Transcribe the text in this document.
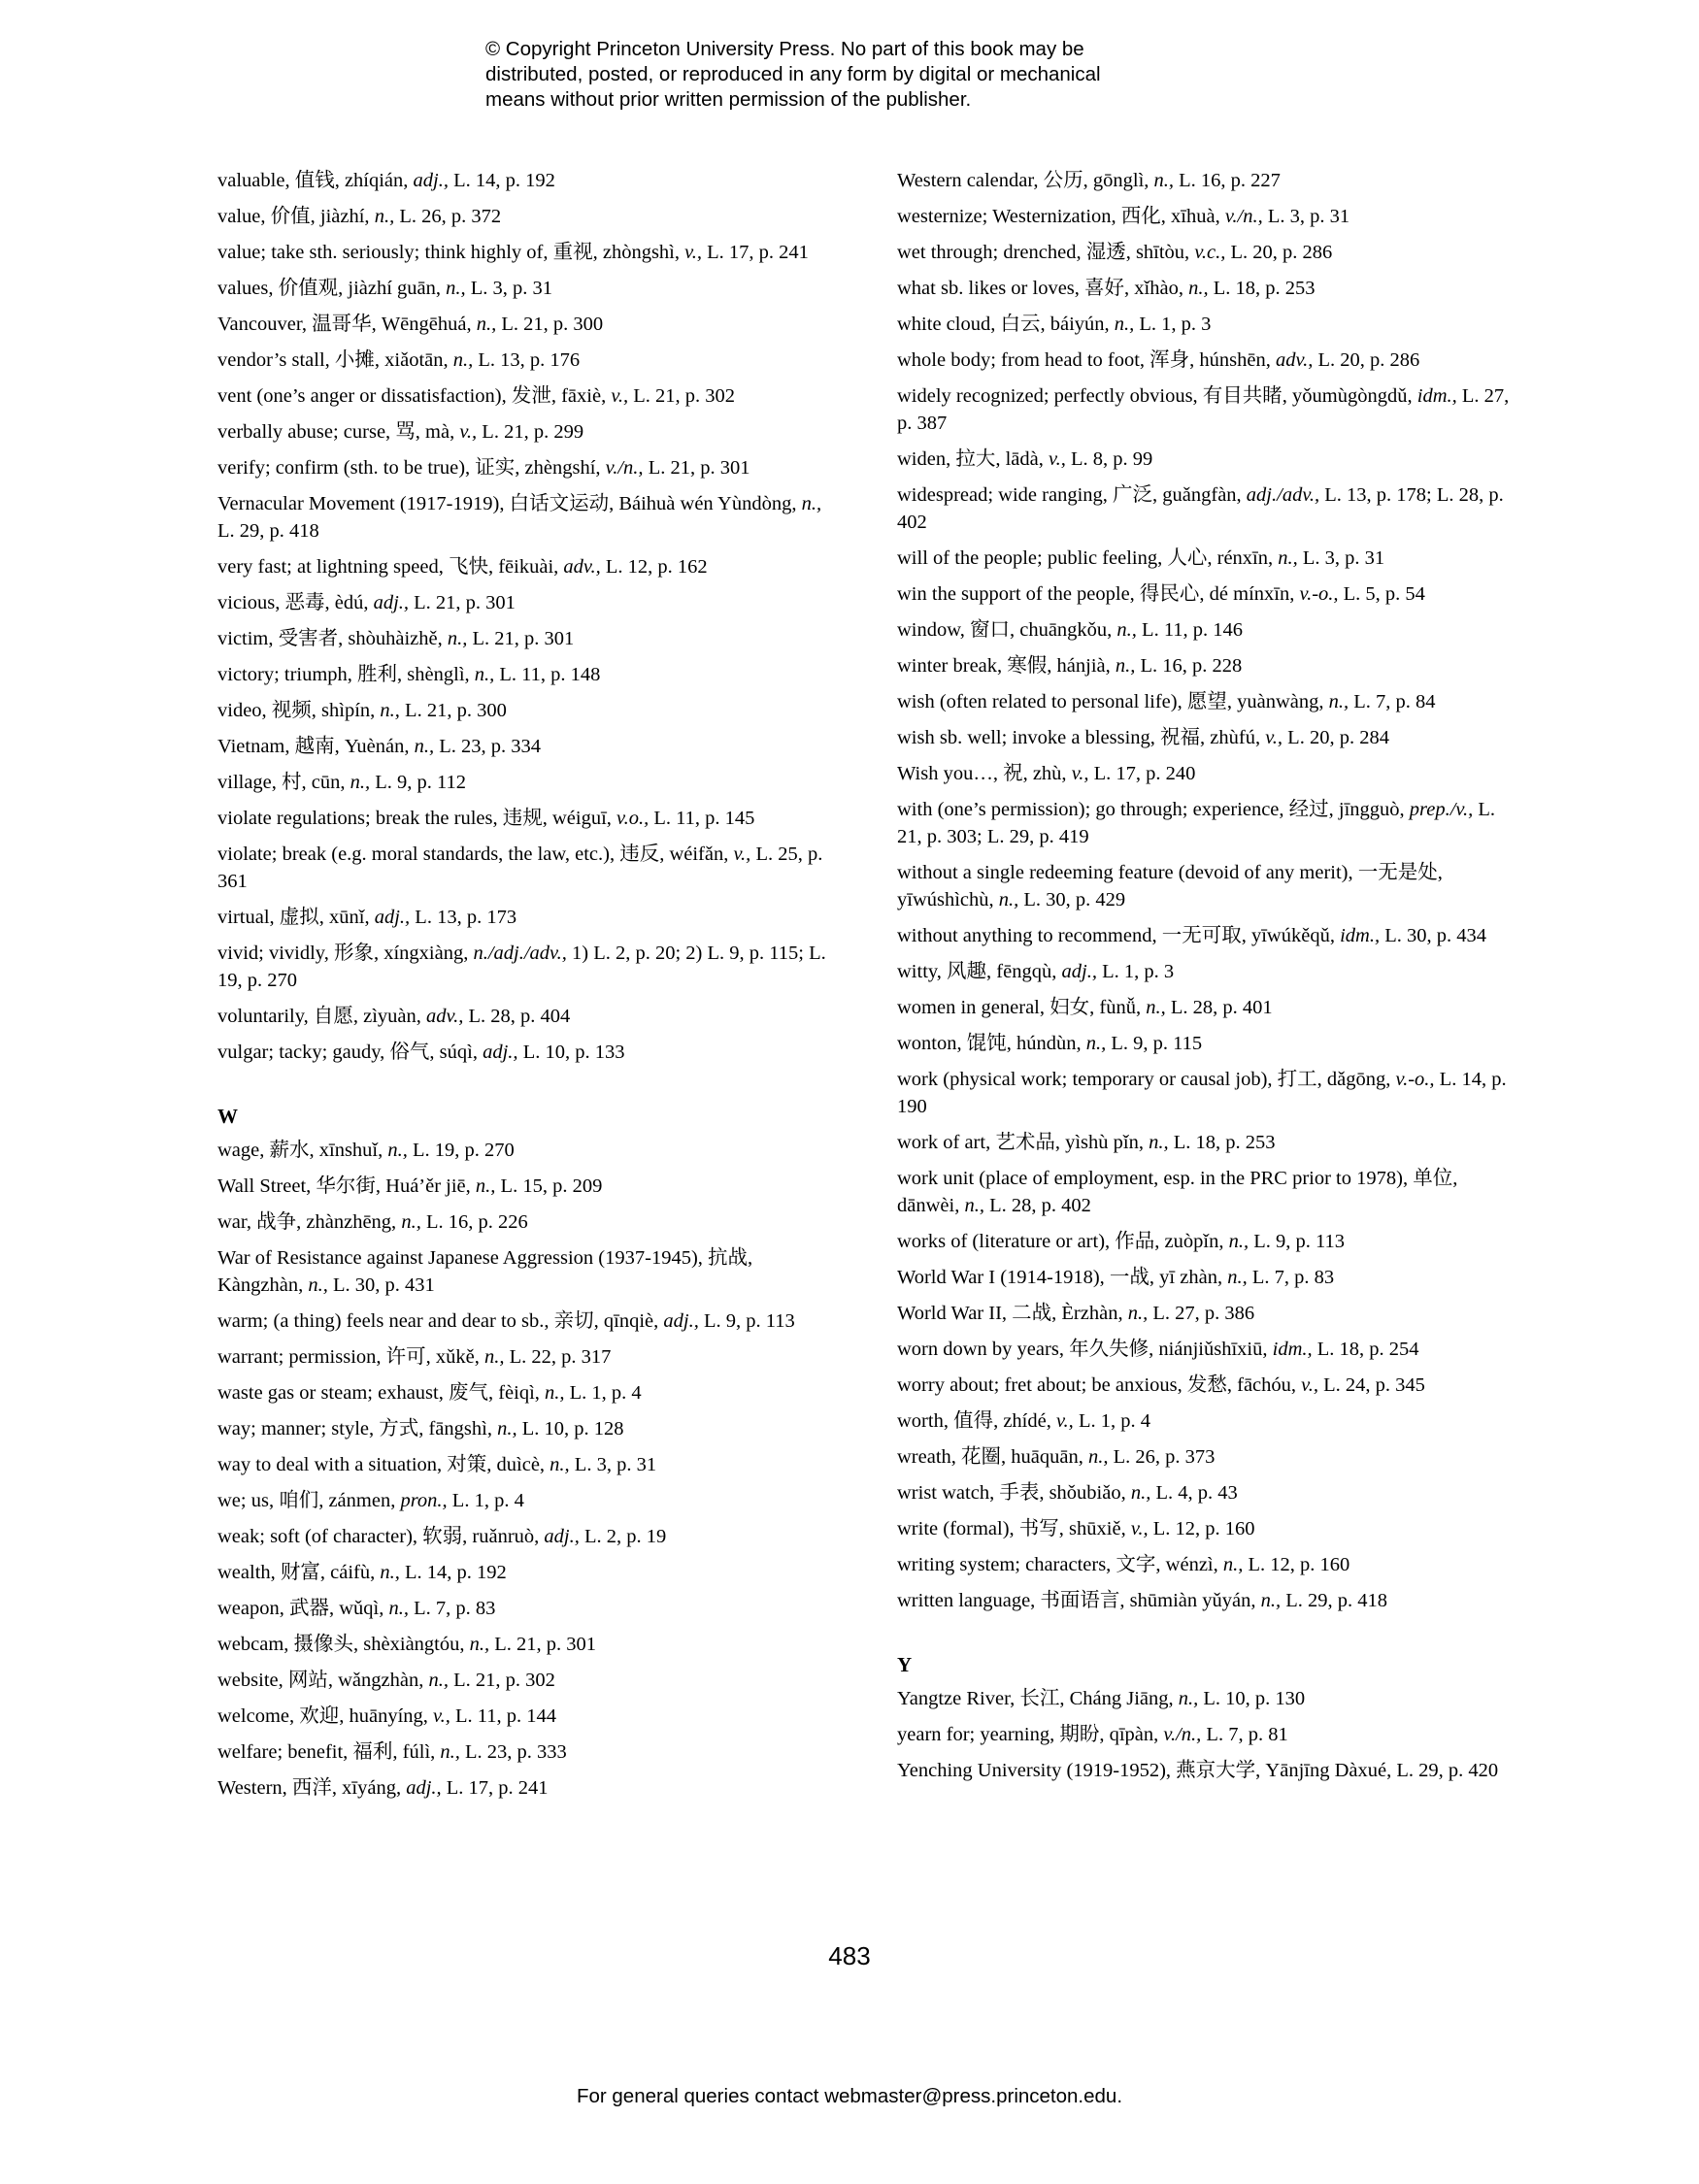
© Copyright Princeton University Press. No part of this book may be
distributed, posted, or reproduced in any form by digital or mechanical
means without prior written permission of the publisher.
valuable, 值钱, zhíqián, adj., L. 14, p. 192
value, 价值, jiàzhí, n., L. 26, p. 372
value; take sth. seriously; think highly of, 重视, zhòngshì, v., L. 17, p. 241
values, 价值观, jiàzhí guān, n., L. 3, p. 31
Vancouver, 温哥华, Wēngēhuá, n., L. 21, p. 300
vendor’s stall, 小摊, xiǎotān, n., L. 13, p. 176
vent (one’s anger or dissatisfaction), 发泄, fāxiè, v., L. 21, p. 302
verbally abuse; curse, 骂, mà, v., L. 21, p. 299
verify; confirm (sth. to be true), 证实, zhèngshí, v./n., L. 21, p. 301
Vernacular Movement (1917-1919), 白话文运动, Báihuà wén Yùndòng, n., L. 29, p. 418
very fast; at lightning speed, 飞快, fēikuài, adv., L. 12, p. 162
vicious, 恶毒, èdú, adj., L. 21, p. 301
victim, 受害者, shòuhàizhě, n., L. 21, p. 301
victory; triumph, 胜利, shènglì, n., L. 11, p. 148
video, 视频, shìpín, n., L. 21, p. 300
Vietnam, 越南, Yuènán, n., L. 23, p. 334
village, 村, cūn, n., L. 9, p. 112
violate regulations; break the rules, 违规, wéiguī, v.o., L. 11, p. 145
violate; break (e.g. moral standards, the law, etc.), 违反, wéifǎn, v., L. 25, p. 361
virtual, 虚拟, xūnǐ, adj., L. 13, p. 173
vivid; vividly, 形象, xíngxiàng, n./adj./adv., 1) L. 2, p. 20; 2) L. 9, p. 115; L. 19, p. 270
voluntarily, 自愿, zìyuàn, adv., L. 28, p. 404
vulgar; tacky; gaudy, 俗气, súqì, adj., L. 10, p. 133
W
wage, 薪水, xīnshuǐ, n., L. 19, p. 270
Wall Street, 华尔街, Huá’ěr jiē, n., L. 15, p. 209
war, 战争, zhànzhēng, n., L. 16, p. 226
War of Resistance against Japanese Aggression (1937-1945), 抗战, Kàngzhàn, n., L. 30, p. 431
warm; (a thing) feels near and dear to sb., 亲切, qīnqiè, adj., L. 9, p. 113
warrant; permission, 许可, xǔkě, n., L. 22, p. 317
waste gas or steam; exhaust, 废气, fèiqì, n., L. 1, p. 4
way; manner; style, 方式, fāngshì, n., L. 10, p. 128
way to deal with a situation, 对策, duìcè, n., L. 3, p. 31
we; us, 咱们, zánmen, pron., L. 1, p. 4
weak; soft (of character), 软弱, ruǎnruò, adj., L. 2, p. 19
wealth, 财富, cáifù, n., L. 14, p. 192
weapon, 武器, wǔqì, n., L. 7, p. 83
webcam, 摄像头, shèxiàngtóu, n., L. 21, p. 301
website, 网站, wǎngzhàn, n., L. 21, p. 302
welcome, 欢迎, huānyíng, v., L. 11, p. 144
welfare; benefit, 福利, fúlì, n., L. 23, p. 333
Western, 西洋, xīyáng, adj., L. 17, p. 241
Western calendar, 公历, gōnglì, n., L. 16, p. 227
westernize; Westernization, 西化, xīhuà, v./n., L. 3, p. 31
wet through; drenched, 湿透, shītòu, v.c., L. 20, p. 286
what sb. likes or loves, 喜好, xǐhào, n., L. 18, p. 253
white cloud, 白云, báiyún, n., L. 1, p. 3
whole body; from head to foot, 浑身, húnshēn, adv., L. 20, p. 286
widely recognized; perfectly obvious, 有目共睹, yǒumùgòngdǔ, idm., L. 27, p. 387
widen, 拉大, lādà, v., L. 8, p. 99
widespread; wide ranging, 广泛, guǎngfàn, adj./adv., L. 13, p. 178; L. 28, p. 402
will of the people; public feeling, 人心, rénxīn, n., L. 3, p. 31
win the support of the people, 得民心, dé mínxīn, v.-o., L. 5, p. 54
window, 窗口, chuāngkǒu, n., L. 11, p. 146
winter break, 寒假, hánjià, n., L. 16, p. 228
wish (often related to personal life), 愿望, yuànwàng, n., L. 7, p. 84
wish sb. well; invoke a blessing, 祝福, zhùfú, v., L. 20, p. 284
Wish you…, 祝, zhù, v., L. 17, p. 240
with (one’s permission); go through; experience, 经过, jīngguò, prep./v., L. 21, p. 303; L. 29, p. 419
without a single redeeming feature (devoid of any merit), 一无是处, yīwúshìchù, n., L. 30, p. 429
without anything to recommend, 一无可取, yīwúkěqǔ, idm., L. 30, p. 434
witty, 风趣, fēngqù, adj., L. 1, p. 3
women in general, 妇女, fùnǚ, n., L. 28, p. 401
wonton, 馄饨, húndùn, n., L. 9, p. 115
work (physical work; temporary or causal job), 打工, dǎgōng, v.-o., L. 14, p. 190
work of art, 艺术品, yìshù pǐn, n., L. 18, p. 253
work unit (place of employment, esp. in the PRC prior to 1978), 单位, dānwèi, n., L. 28, p. 402
works of (literature or art), 作品, zuòpǐn, n., L. 9, p. 113
World War I (1914-1918), 一战, yī zhàn, n., L. 7, p. 83
World War II, 二战, Èrzhàn, n., L. 27, p. 386
worn down by years, 年久失修, niánjiǔshīxiū, idm., L. 18, p. 254
worry about; fret about; be anxious, 发愁, fāchóu, v., L. 24, p. 345
worth, 值得, zhídé, v., L. 1, p. 4
wreath, 花圈, huāquān, n., L. 26, p. 373
wrist watch, 手表, shǒubiǎo, n., L. 4, p. 43
write (formal), 书写, shūxiě, v., L. 12, p. 160
writing system; characters, 文字, wénzì, n., L. 12, p. 160
written language, 书面语言, shūmiàn yǔyán, n., L. 29, p. 418
Y
Yangtze River, 长江, Cháng Jiāng, n., L. 10, p. 130
yearn for; yearning, 期盼, qīpàn, v./n., L. 7, p. 81
Yenching University (1919-1952), 燕京大学, Yānjīng Dàxué, L. 29, p. 420
483
For general queries contact webmaster@press.princeton.edu.
